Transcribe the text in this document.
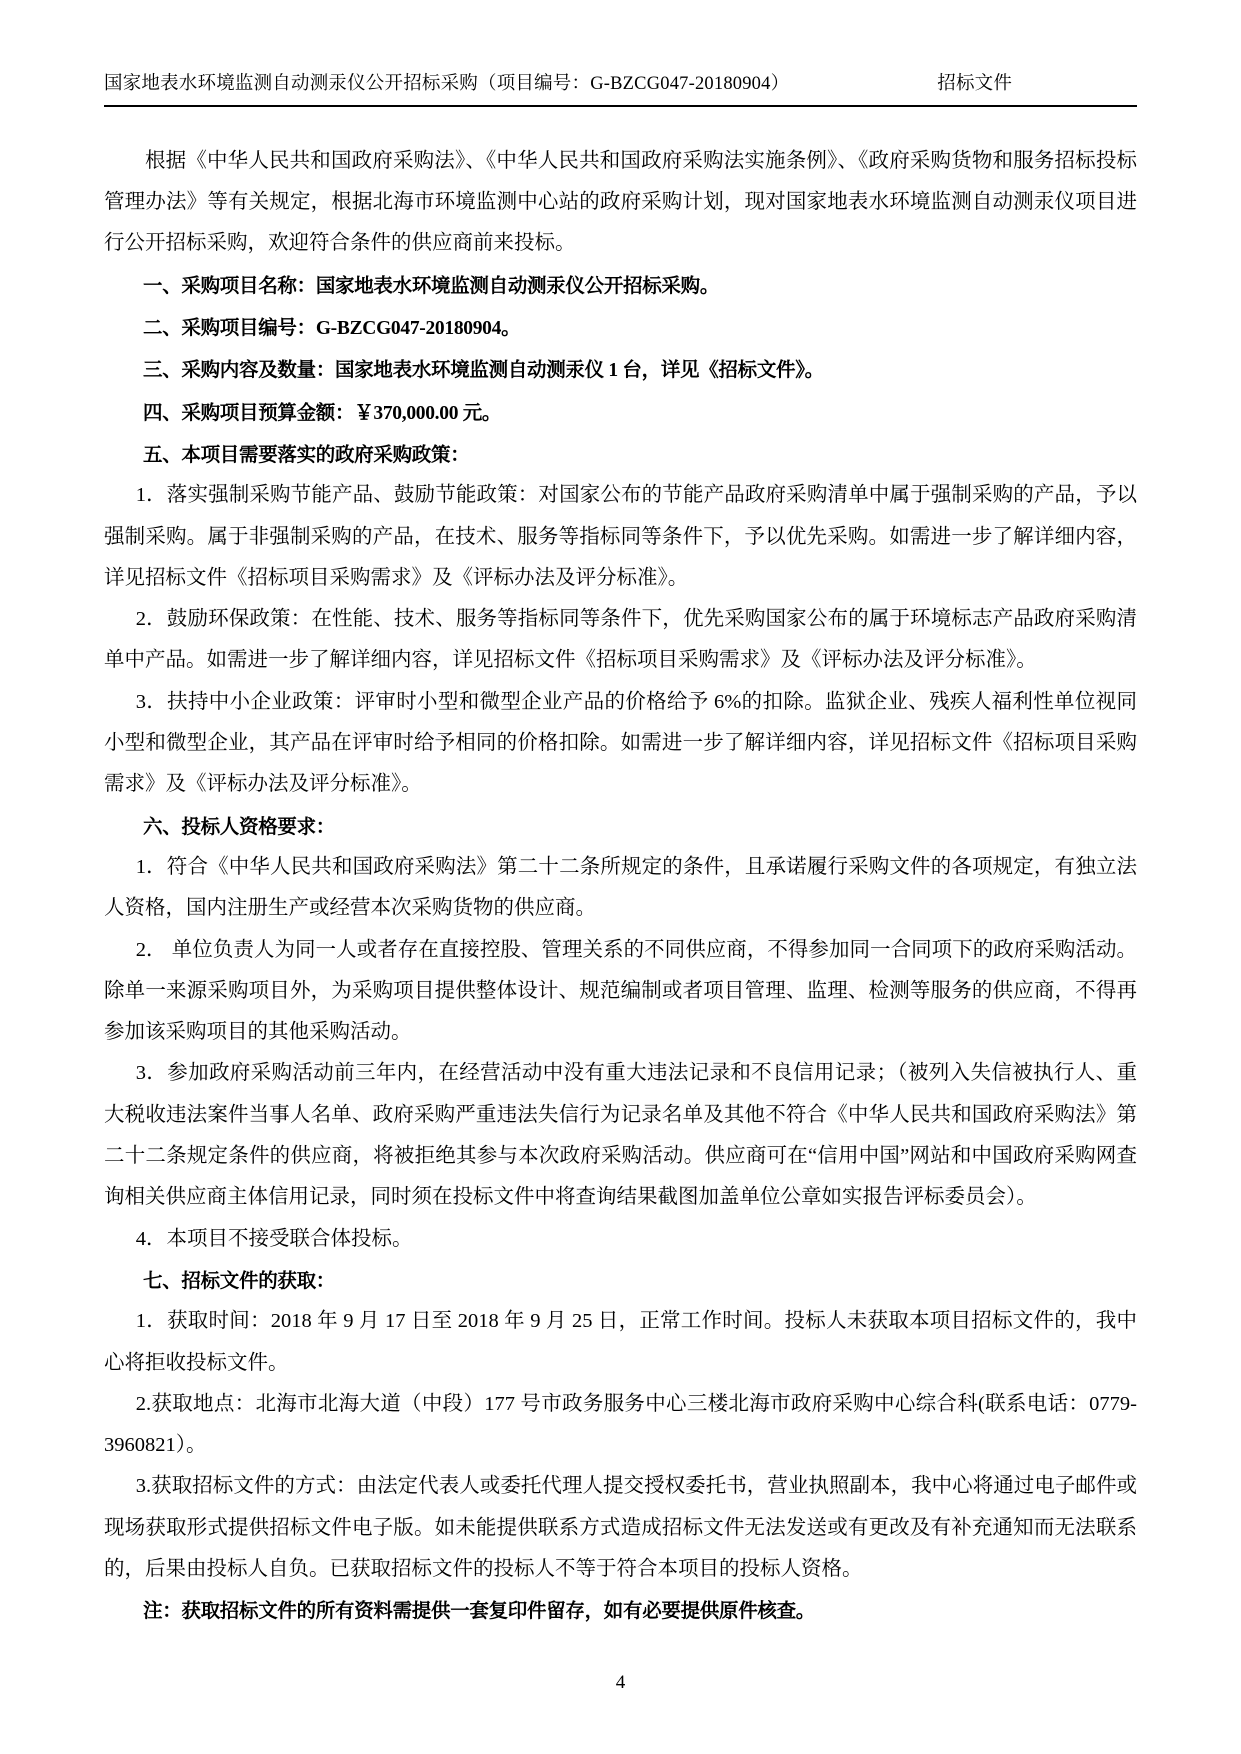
国家地表水环境监测自动测汞仪公开招标采购（项目编号：G-BZCG047-20180904）	招标文件

根据《中华人民共和国政府采购法》、《中华人民共和国政府采购法实施条例》、《政府采购货物和服务招标投标管理办法》等有关规定，根据北海市环境监测中心站的政府采购计划，现对国家地表水环境监测自动测汞仪项目进行公开招标采购，欢迎符合条件的供应商前来投标。

一、采购项目名称：国家地表水环境监测自动测汞仪公开招标采购。

二、采购项目编号：G-BZCG047-20180904。

三、采购内容及数量：国家地表水环境监测自动测汞仪 1 台，详见《招标文件》。

四、采购项目预算金额：￥370,000.00 元。

五、本项目需要落实的政府采购政策：

1．落实强制采购节能产品、鼓励节能政策：对国家公布的节能产品政府采购清单中属于强制采购的产品，予以强制采购。属于非强制采购的产品，在技术、服务等指标同等条件下，予以优先采购。如需进一步了解详细内容，详见招标文件《招标项目采购需求》及《评标办法及评分标准》。

2．鼓励环保政策：在性能、技术、服务等指标同等条件下，优先采购国家公布的属于环境标志产品政府采购清单中产品。如需进一步了解详细内容，详见招标文件《招标项目采购需求》及《评标办法及评分标准》。

3．扶持中小企业政策：评审时小型和微型企业产品的价格给予 6%的扣除。监狱企业、残疾人福利性单位视同小型和微型企业，其产品在评审时给予相同的价格扣除。如需进一步了解详细内容，详见招标文件《招标项目采购需求》及《评标办法及评分标准》。

六、投标人资格要求：

1．符合《中华人民共和国政府采购法》第二十二条所规定的条件，且承诺履行采购文件的各项规定，有独立法人资格，国内注册生产或经营本次采购货物的供应商。

2． 单位负责人为同一人或者存在直接控股、管理关系的不同供应商，不得参加同一合同项下的政府采购活动。除单一来源采购项目外，为采购项目提供整体设计、规范编制或者项目管理、监理、检测等服务的供应商，不得再参加该采购项目的其他采购活动。

3．参加政府采购活动前三年内，在经营活动中没有重大违法记录和不良信用记录；（被列入失信被执行人、重大税收违法案件当事人名单、政府采购严重违法失信行为记录名单及其他不符合《中华人民共和国政府采购法》第二十二条规定条件的供应商，将被拒绝其参与本次政府采购活动。供应商可在“信用中国”网站和中国政府采购网查询相关供应商主体信用记录，同时须在投标文件中将查询结果截图加盖单位公章如实报告评标委员会）。

4．本项目不接受联合体投标。

七、招标文件的获取：

1．获取时间：2018 年 9 月 17 日至 2018 年 9 月 25 日，正常工作时间。投标人未获取本项目招标文件的，我中心将拒收投标文件。

2.获取地点：北海市北海大道（中段）177 号市政务服务中心三楼北海市政府采购中心综合科(联系电话：0779-3960821）。

3.获取招标文件的方式：由法定代表人或委托代理人提交授权委托书，营业执照副本，我中心将通过电子邮件或现场获取形式提供招标文件电子版。如未能提供联系方式造成招标文件无法发送或有更改及有补充通知而无法联系的，后果由投标人自负。已获取招标文件的投标人不等于符合本项目的投标人资格。

注：获取招标文件的所有资料需提供一套复印件留存，如有必要提供原件核查。

4
